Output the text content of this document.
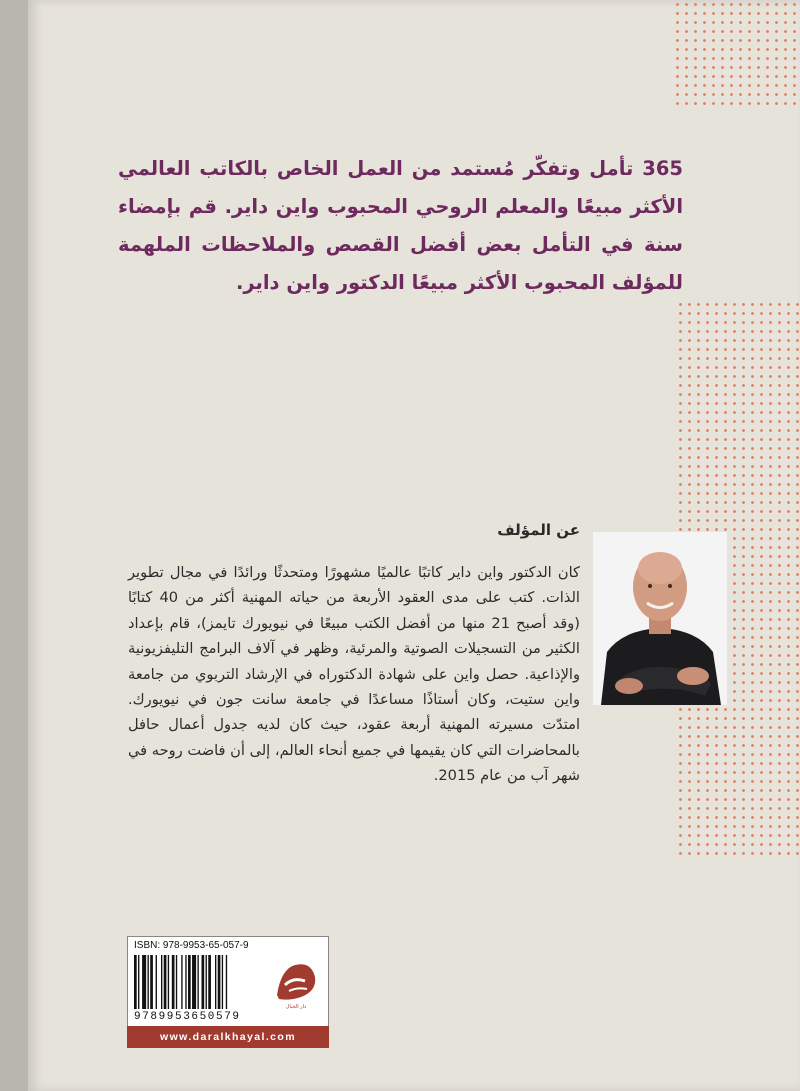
365 تأمل وتفكّر مُستمد من العمل الخاص بالكاتب العالمي الأكثر مبيعًا والمعلم الروحي المحبوب واين داير. قم بإمضاء سنة في التأمل بعض أفضل القصص والملاحظات الملهمة للمؤلف المحبوب الأكثر مبيعًا الدكتور واين داير.

عن المؤلف

كان الدكتور واين داير كاتبًا عالميًا مشهورًا ومتحدثًا ورائدًا في مجال تطوير الذات. كتب على مدى العقود الأربعة من حياته المهنية أكثر من 40 كتابًا (وقد أصبح 21 منها من أفضل الكتب مبيعًا في نيويورك تايمز)، قام بإعداد الكثير من التسجيلات الصوتية والمرئية، وظهر في آلاف البرامج التليفزيونية والإذاعية. حصل واين على شهادة الدكتوراه في الإرشاد التربوي من جامعة واين ستيت، وكان أستاذًا مساعدًا في جامعة سانت جون في نيويورك. امتدّت مسيرته المهنية أربعة عقود، حيث كان لديه جدول أعمال حافل بالمحاضرات التي كان يقيمها في جميع أنحاء العالم، إلى أن فاضت روحه في شهر آب من عام 2015.

ISBN: 978-9953-65-057-9
9789953650579
دار الخيال
www.daralkhayal.com
